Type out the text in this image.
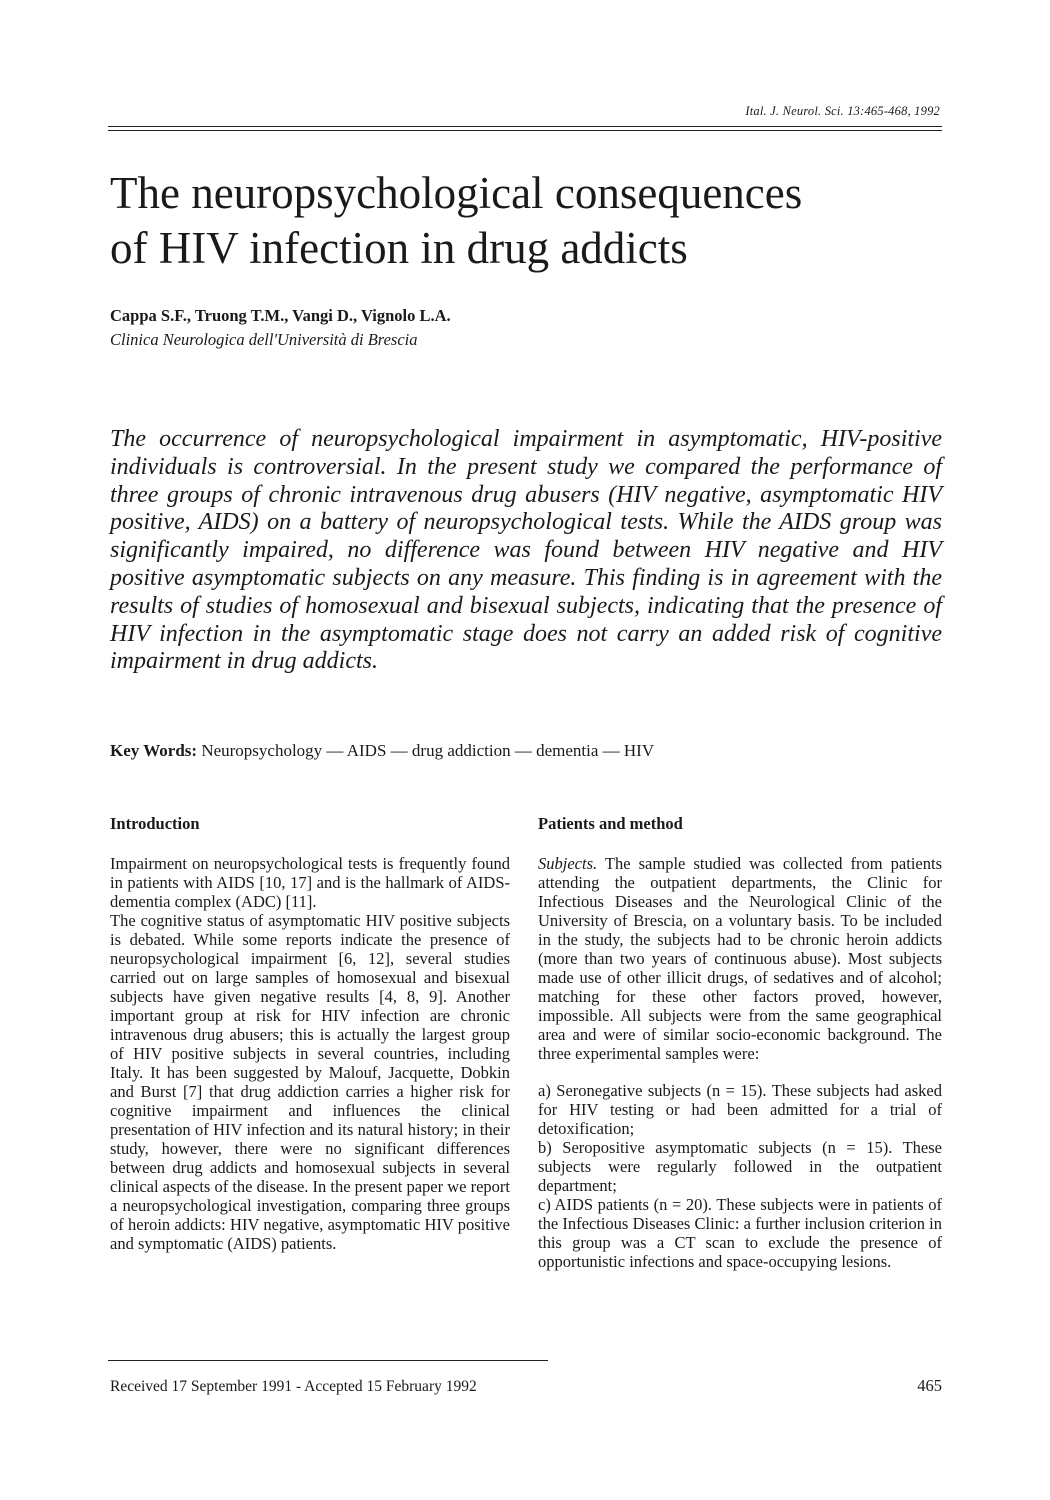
Ital. J. Neurol. Sci. 13:465-468, 1992
The neuropsychological consequences
of HIV infection in drug addicts
Cappa S.F., Truong T.M., Vangi D., Vignolo L.A.
Clinica Neurologica dell'Università di Brescia

The occurrence of neuropsychological impairment in asymptomatic, HIV-positive individuals is controversial. In the present study we compared the performance of three groups of chronic intravenous drug abusers (HIV negative, asymptomatic HIV positive, AIDS) on a battery of neuropsychological tests. While the AIDS group was significantly impaired, no difference was found between HIV negative and HIV positive asymptomatic subjects on any measure. This finding is in agreement with the results of studies of homosexual and bisexual subjects, indicating that the presence of HIV infection in the asymptomatic stage does not carry an added risk of cognitive impairment in drug addicts.

Key Words: Neuropsychology — AIDS — drug addiction — dementia — HIV
Introduction

Impairment on neuropsychological tests is frequently found in patients with AIDS [10, 17] and is the hallmark of AIDS-dementia complex (ADC) [11].

The cognitive status of asymptomatic HIV positive subjects is debated. While some reports indicate the presence of neuropsychological impairment [6, 12], several studies carried out on large samples of homosexual and bisexual subjects have given negative results [4, 8, 9]. Another important group at risk for HIV infection are chronic intravenous drug abusers; this is actually the largest group of HIV positive subjects in several countries, including Italy. It has been suggested by Malouf, Jacquette, Dobkin and Burst [7] that drug addiction carries a higher risk for cognitive impairment and influences the clinical presentation of HIV infection and its natural history; in their study, however, there were no significant differences between drug addicts and homosexual subjects in several clinical aspects of the disease. In the present paper we report a neuropsychological investigation, comparing three groups of heroin addicts: HIV negative, asymptomatic HIV positive and symptomatic (AIDS) patients.

Patients and method

Subjects. The sample studied was collected from patients attending the outpatient departments, the Clinic for Infectious Diseases and the Neurological Clinic of the University of Brescia, on a voluntary basis. To be included in the study, the subjects had to be chronic heroin addicts (more than two years of continuous abuse). Most subjects made use of other illicit drugs, of sedatives and of alcohol; matching for these other factors proved, however, impossible. All subjects were from the same geographical area and were of similar socio-economic background. The three experimental samples were:

a) Seronegative subjects (n = 15). These subjects had asked for HIV testing or had been admitted for a trial of detoxification;

b) Seropositive asymptomatic subjects (n = 15). These subjects were regularly followed in the outpatient department;

c) AIDS patients (n = 20). These subjects were in patients of the Infectious Diseases Clinic: a further inclusion criterion in this group was a CT scan to exclude the presence of opportunistic infections and space-occupying lesions.

Received 17 September 1991 - Accepted 15 February 1992	465
